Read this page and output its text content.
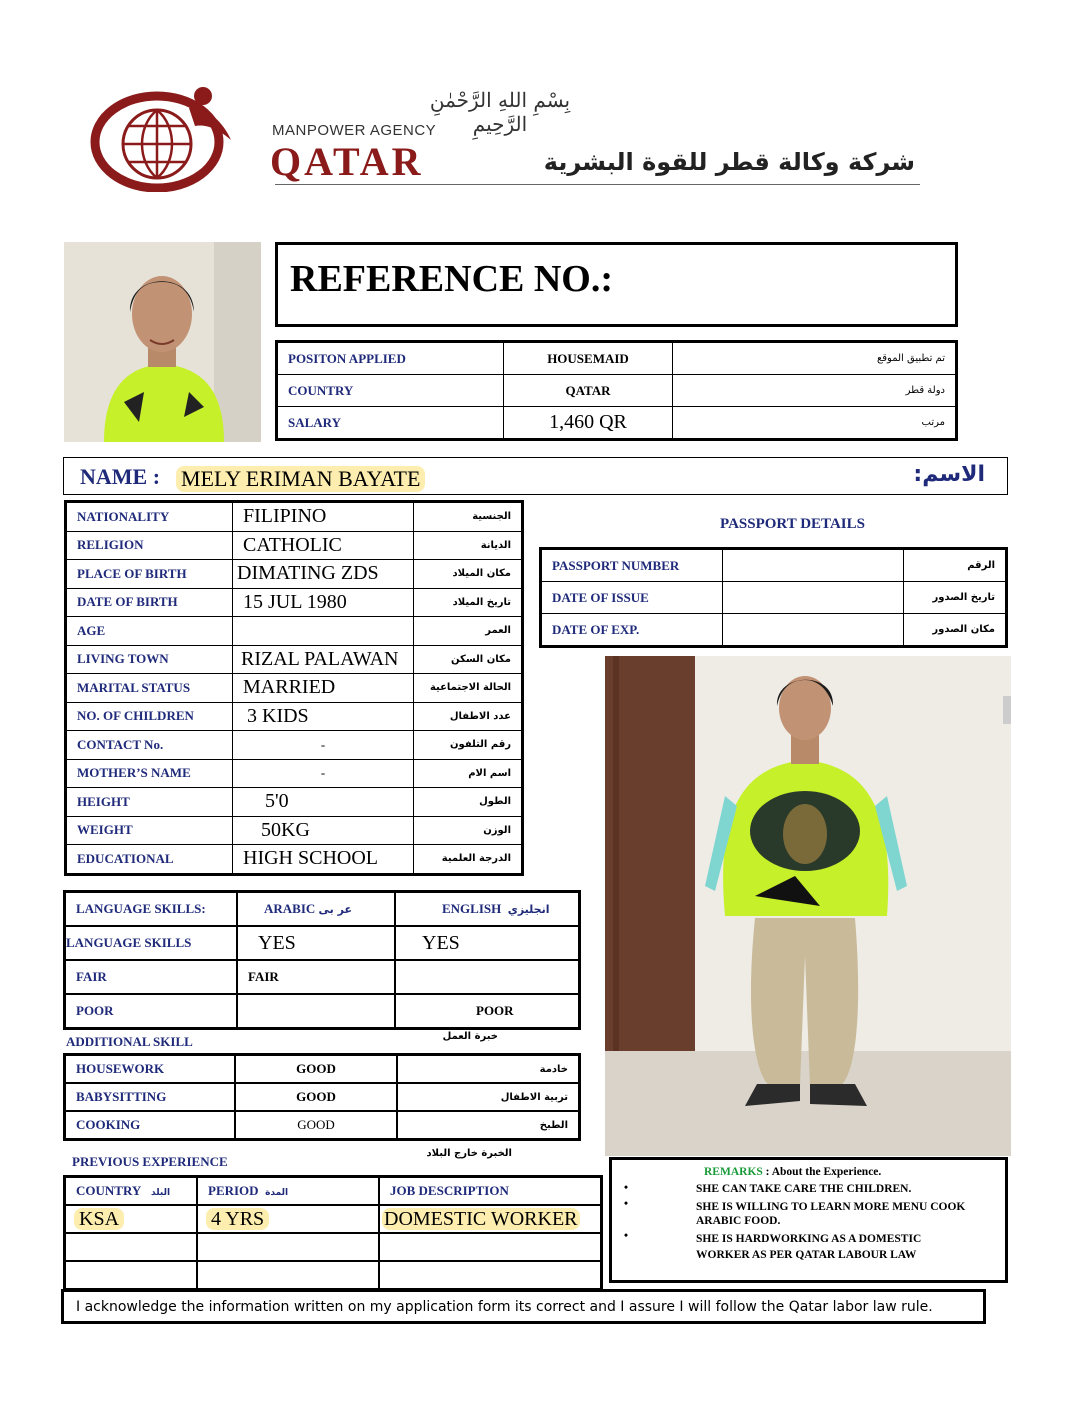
بِسْمِ اللهِ الرَّحْمٰنِ الرَّحِيمِ
MANPOWER AGENCY
QATAR	شركة وكالة قطر للقوة البشرية
REFERENCE NO.:
POSITON APPLIED	HOUSEMAID	تم تطبيق الموقع
COUNTRY	QATAR	دولة قطر
SALARY	1,460 QR	مرتب
NAME : MELY ERIMAN BAYATE	الاسم:
NATIONALITY	FILIPINO	الجنسية
RELIGION	CATHOLIC	الديانة
PLACE OF BIRTH	DIMATING ZDS	مكان الميلاد
DATE OF BIRTH	15 JUL 1980	تاريخ الميلاد
AGE		العمر
LIVING TOWN	RIZAL PALAWAN	مكان السكن
MARITAL STATUS	MARRIED	الحالة الاجتماعية
NO. OF CHILDREN	3 KIDS	عدد الاطفال
CONTACT No.	-	رقم التلفون
MOTHER’S NAME	-	اسم الام
HEIGHT	5'0	الطول
WEIGHT	50KG	الوزن
EDUCATIONAL	HIGH SCHOOL	الدرجة العلمية
PASSPORT DETAILS
PASSPORT NUMBER		الرقم
DATE OF ISSUE		تاريخ الصدور
DATE OF EXP.		مكان الصدور
LANGUAGE SKILLS:	ARABIC عر بى	ENGLISH انجليزي
LANGUAGE SKILLS	YES	YES
FAIR	FAIR	
POOR		POOR
ADDITIONAL SKILL	خبرة العمل
HOUSEWORK	GOOD	خادمة
BABYSITTING	GOOD	تربية الاطفال
COOKING	GOOD	الطبخ
PREVIOUS EXPERIENCE
الخبرة خارج البلاد
COUNTRY البلد	PERIOD المدة	JOB DESCRIPTION
KSA	4 YRS	DOMESTIC WORKER

REMARKS : About the Experience.
•	SHE CAN TAKE CARE THE CHILDREN.
•	SHE IS WILLING TO LEARN MORE MENU COOK ARABIC FOOD.
•	SHE IS HARDWORKING AS A DOMESTIC WORKER AS PER QATAR LABOUR LAW
I acknowledge the information written on my application form its correct and I assure I will follow the Qatar labor law rule.
